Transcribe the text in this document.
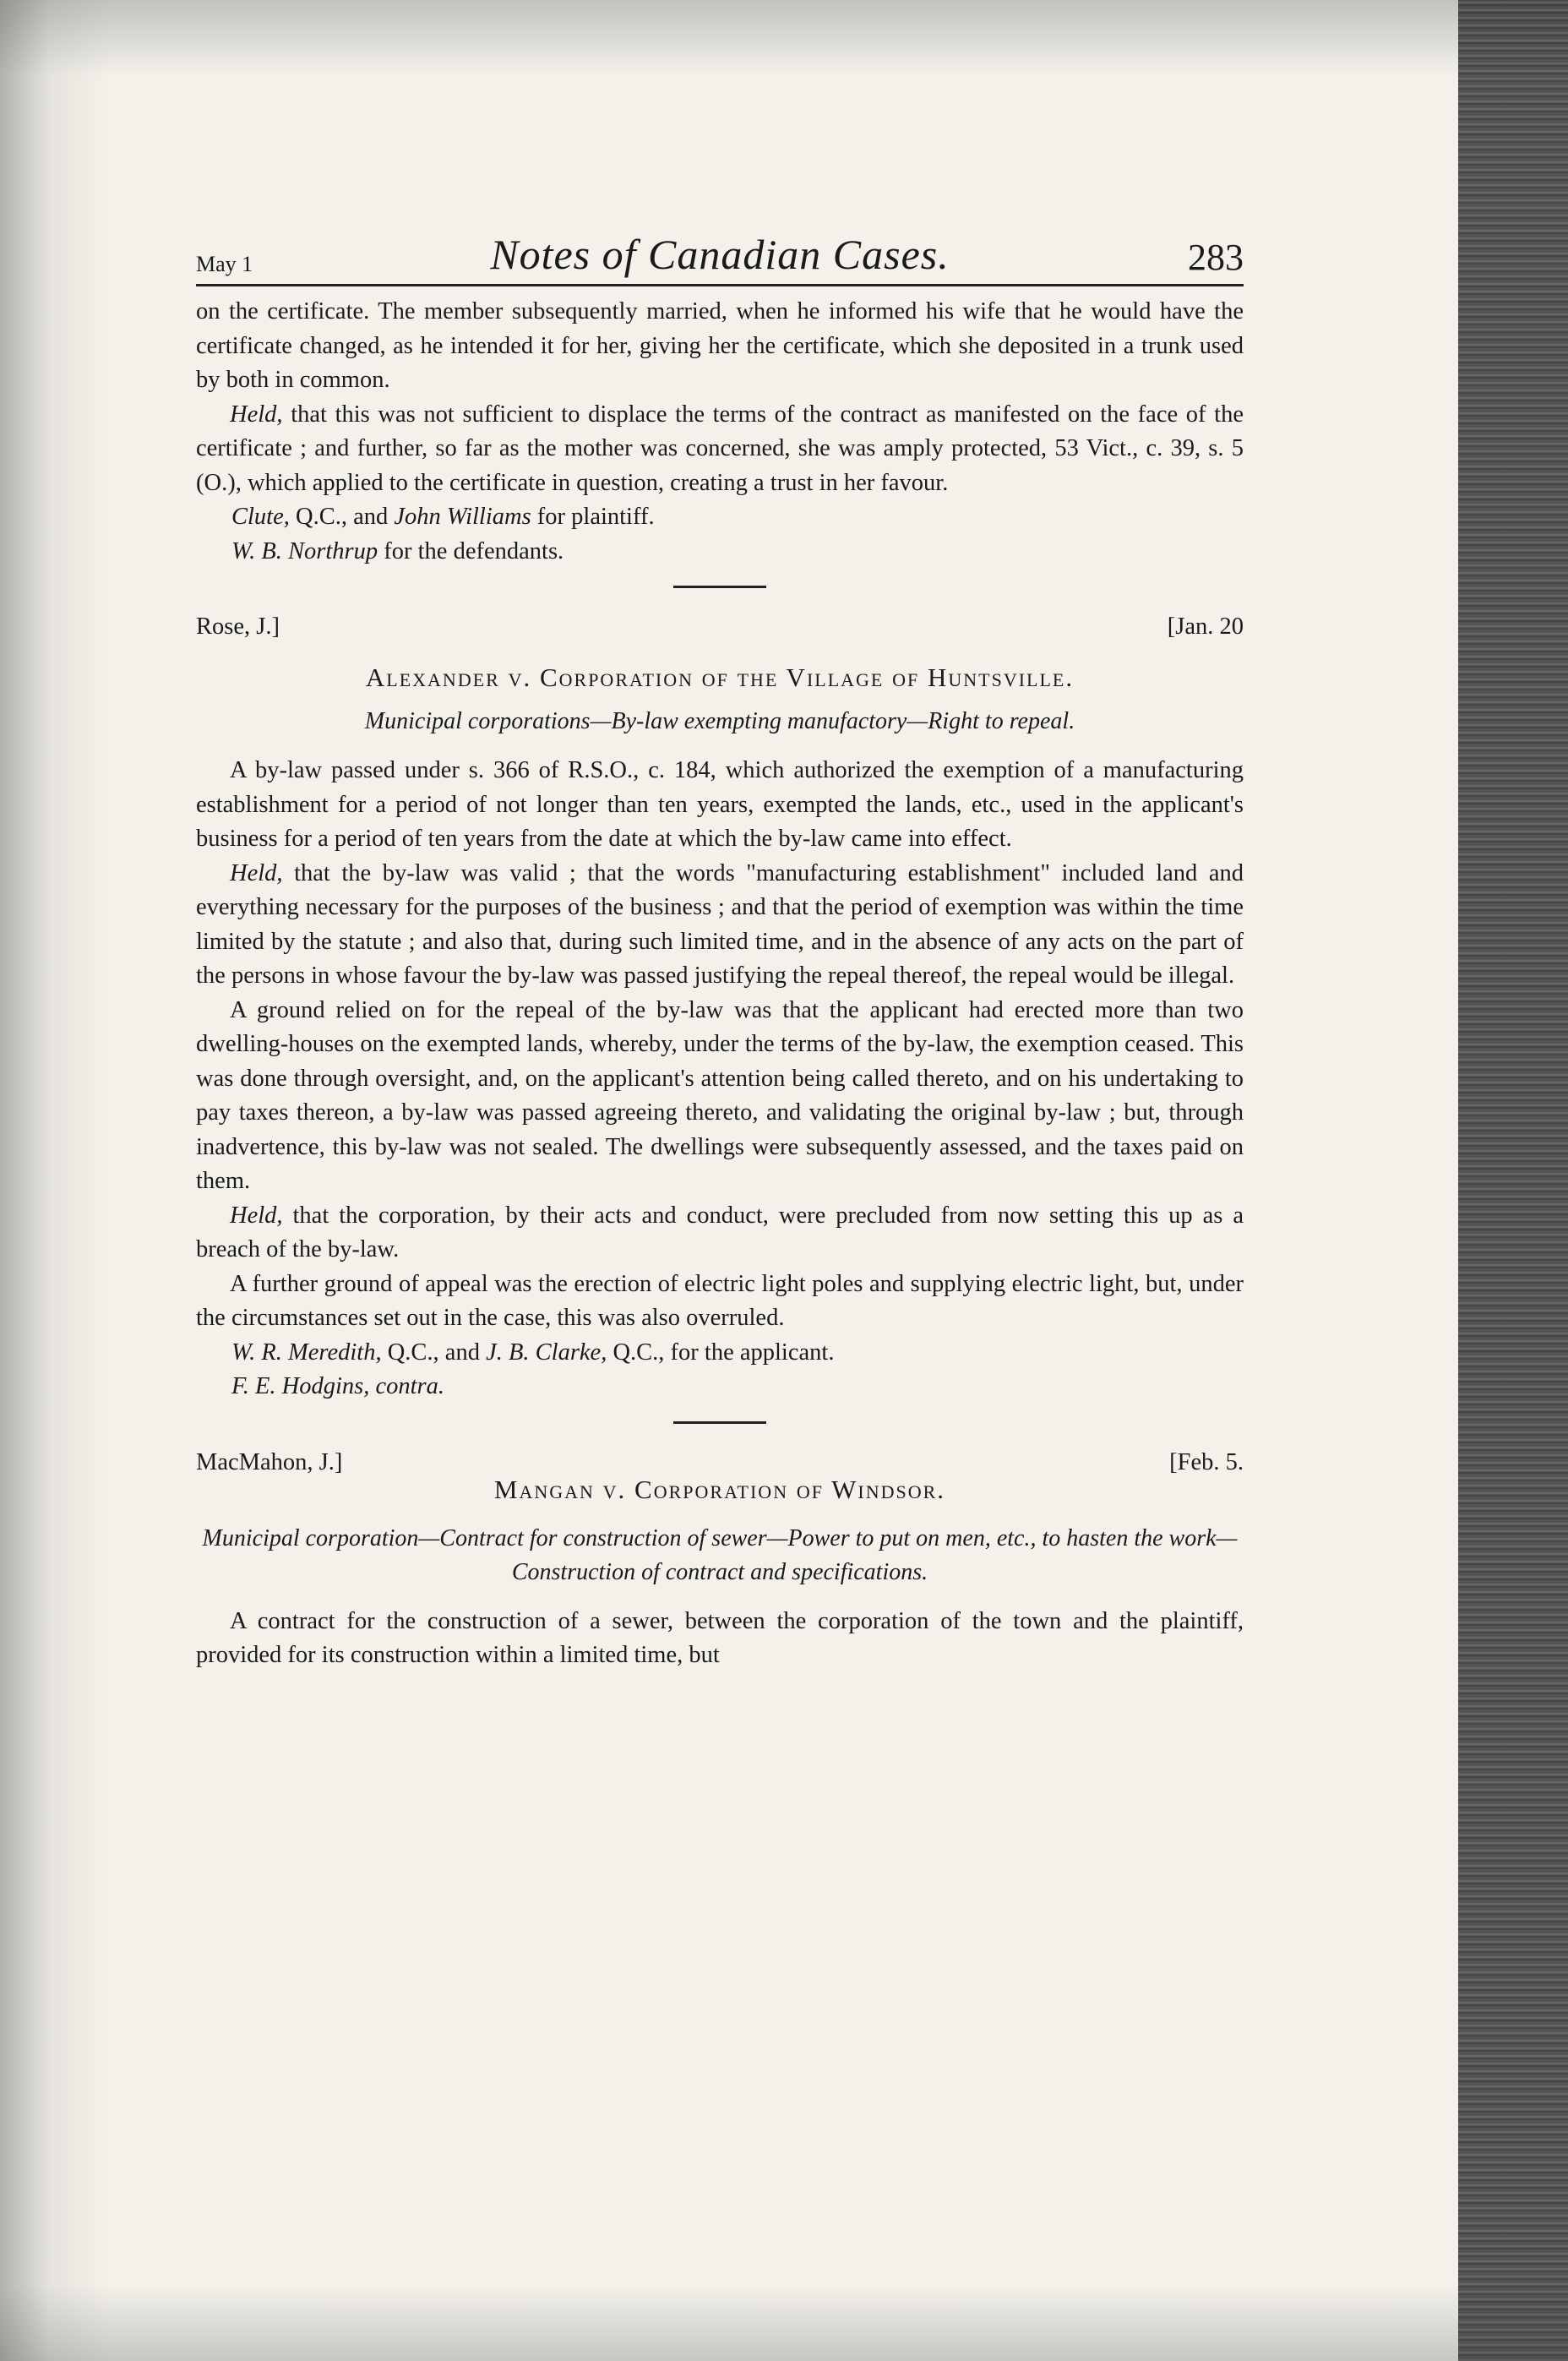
May 1	Notes of Canadian Cases.	283

on the certificate. The member subsequently married, when he informed his wife that he would have the certificate changed, as he intended it for her, giving her the certificate, which she deposited in a trunk used by both in common.

Held, that this was not sufficient to displace the terms of the contract as manifested on the face of the certificate ; and further, so far as the mother was concerned, she was amply protected, 53 Vict., c. 39, s. 5 (O.), which applied to the certificate in question, creating a trust in her favour.

Clute, Q.C., and John Williams for plaintiff.

W. B. Northrup for the defendants.

Rose, J.]	[Jan. 20
Alexander v. Corporation of the Village of Huntsville.
Municipal corporations—By-law exempting manufactory—Right to repeal.

A by-law passed under s. 366 of R.S.O., c. 184, which authorized the exemption of a manufacturing establishment for a period of not longer than ten years, exempted the lands, etc., used in the applicant's business for a period of ten years from the date at which the by-law came into effect.

Held, that the by-law was valid ; that the words "manufacturing establishment" included land and everything necessary for the purposes of the business ; and that the period of exemption was within the time limited by the statute ; and also that, during such limited time, and in the absence of any acts on the part of the persons in whose favour the by-law was passed justifying the repeal thereof, the repeal would be illegal.

A ground relied on for the repeal of the by-law was that the applicant had erected more than two dwelling-houses on the exempted lands, whereby, under the terms of the by-law, the exemption ceased. This was done through oversight, and, on the applicant's attention being called thereto, and on his undertaking to pay taxes thereon, a by-law was passed agreeing thereto, and validating the original by-law ; but, through inadvertence, this by-law was not sealed. The dwellings were subsequently assessed, and the taxes paid on them.

Held, that the corporation, by their acts and conduct, were precluded from now setting this up as a breach of the by-law.

A further ground of appeal was the erection of electric light poles and supplying electric light, but, under the circumstances set out in the case, this was also overruled.

W. R. Meredith, Q.C., and J. B. Clarke, Q.C., for the applicant.

F. E. Hodgins, contra.

MacMahon, J.]	[Feb. 5.
Mangan v. Corporation of Windsor.
Municipal corporation—Contract for construction of sewer—Power to put on men, etc., to hasten the work—Construction of contract and specifications.

A contract for the construction of a sewer, between the corporation of the town and the plaintiff, provided for its construction within a limited time, but
